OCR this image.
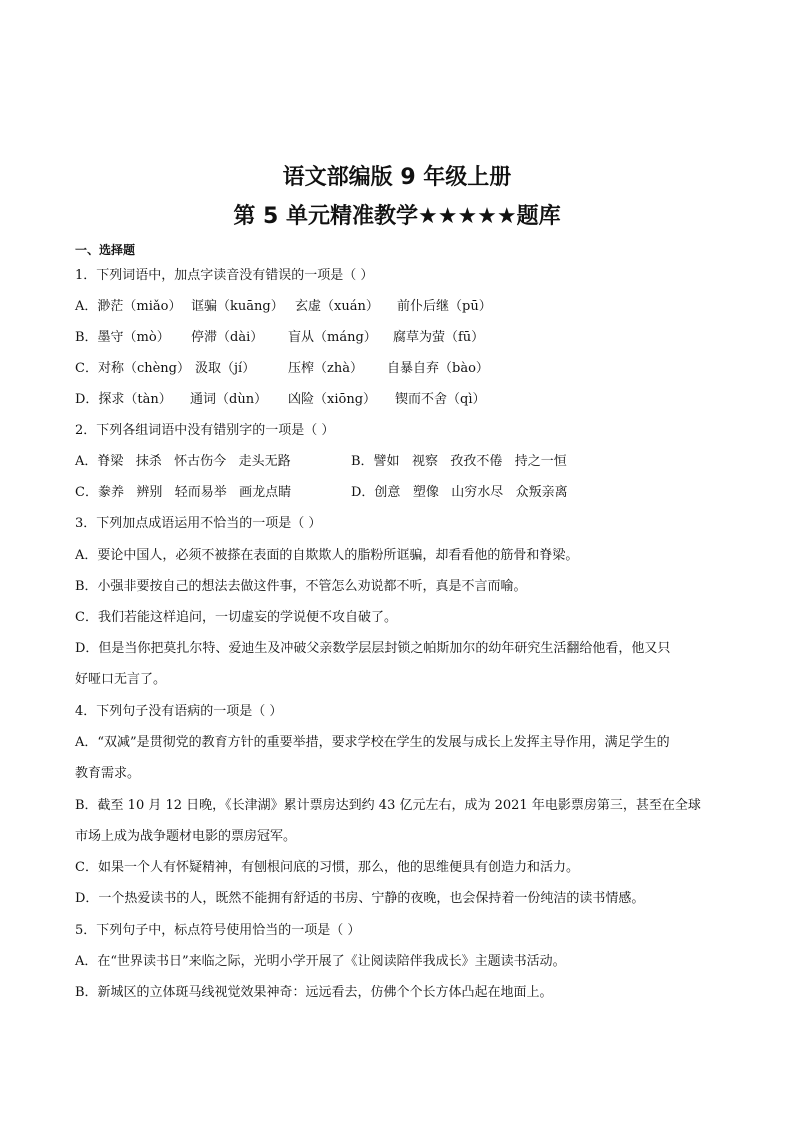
语文部编版 9 年级上册
第 5 单元精准教学★★★★★题库
一、选择题
1．下列词语中，加点字读音没有错误的一项是（ ）
A．渺茫（miǎo） 诓骗（kuāng） 玄虚（xuán） 前仆后继（pū）
B．墨守（mò） 停滞（dài） 盲从（máng） 腐草为萤（fū）
C．对称（chèng） 汲取（jí）	压榨（zhà） 自暴自弃（bào）
D．探求（tàn） 通词（dùn） 凶险（xiōng） 锲而不舍（qì）
2．下列各组词语中没有错别字的一项是（ ）
A．脊梁   抹杀   怀古伤今   走头无路	B．譬如   视察   孜孜不倦   持之一恒
C．豢养   辨别   轻而易举   画龙点睛	D．创意   塑像   山穷水尽   众叛亲离
3．下列加点成语运用不恰当的一项是（ ）
A．要论中国人，必须不被搽在表面的自欺欺人的脂粉所诓骗，却看看他的筋骨和脊梁。
B．小强非要按自己的想法去做这件事，不管怎么劝说都不听，真是不言而喻。
C．我们若能这样追问，一切虚妄的学说便不攻自破了。
D．但是当你把莫扎尔特、爱迪生及冲破父亲数学层层封锁之帕斯加尔的幼年研究生活翻给他看，他又只
好哑口无言了。
4．下列句子没有语病的一项是（ ）
A．“双减”是贯彻党的教育方针的重要举措，要求学校在学生的发展与成长上发挥主导作用，满足学生的
教育需求。
B．截至 10 月 12 日晚，《长津湖》累计票房达到约 43 亿元左右，成为 2021 年电影票房第三，甚至在全球
市场上成为战争题材电影的票房冠军。
C．如果一个人有怀疑精神，有刨根问底的习惯，那么，他的思维便具有创造力和活力。
D．一个热爱读书的人，既然不能拥有舒适的书房、宁静的夜晚，也会保持着一份纯洁的读书情感。
5．下列句子中，标点符号使用恰当的一项是（ ）
A．在“世界读书日”来临之际，光明小学开展了《让阅读陪伴我成长》主题读书活动。
B．新城区的立体斑马线视觉效果神奇：远远看去，仿佛个个长方体凸起在地面上。
